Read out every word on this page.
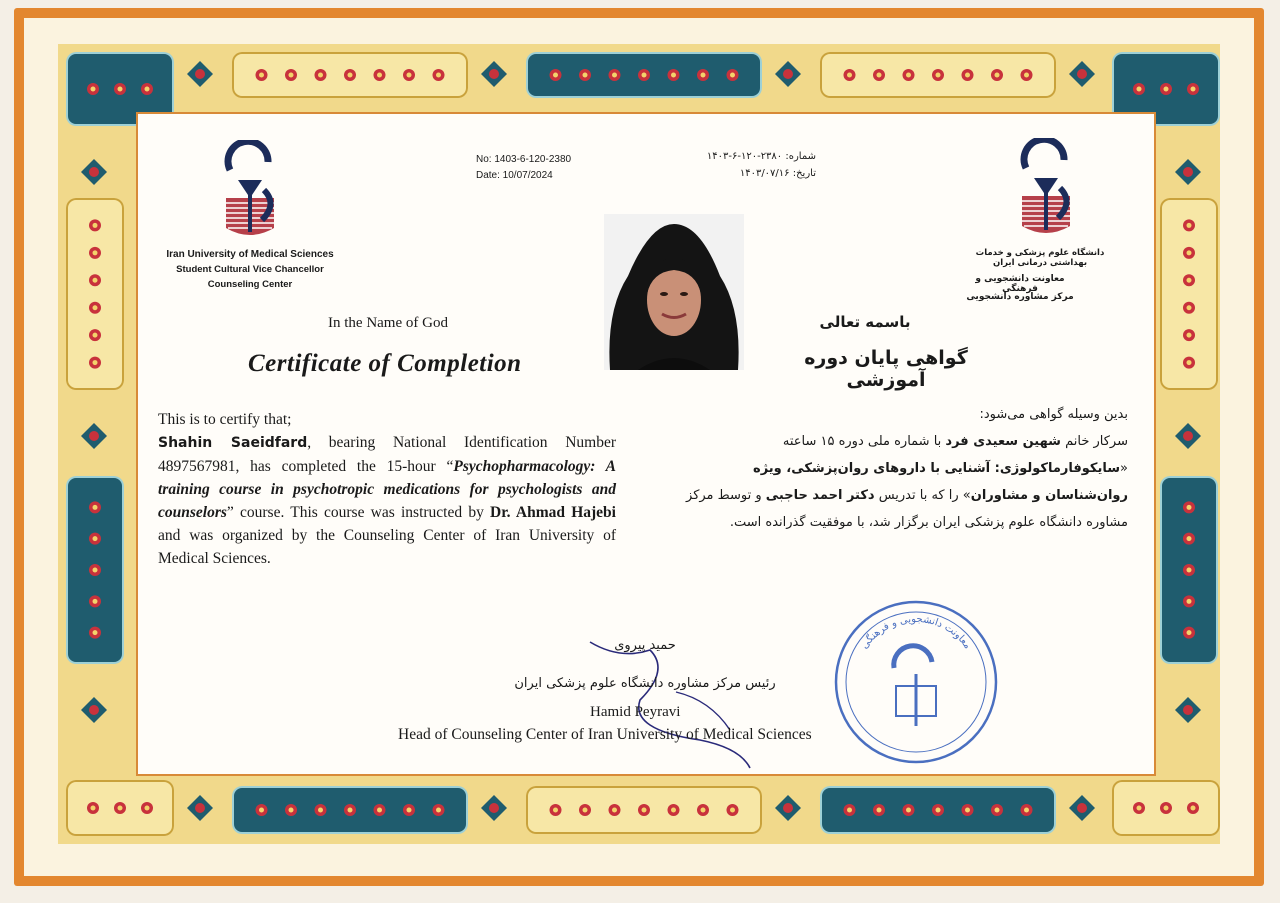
Iran University of Medical Sciences
Student Cultural Vice Chancellor
Counseling Center
دانشگاه علوم پزشکی و خدمات بهداشتی درمانی ایران
معاونت دانشجویی و فرهنگی
مرکز مشاوره دانشجویی
No: 1403-6-120-2380
Date: 10/07/2024
شماره: ۲۳۸۰-۱۲۰-۶-۱۴۰۳
تاریخ: ۱۴۰۳/۰۷/۱۶
In the Name of God	باسمه تعالی
Certificate of Completion	گواهی پایان دوره آموزشی
This is to certify that;
Shahin Saeidfard, bearing National Identification Number 4897567981, has completed the 15-hour “Psychopharmacology: A training course in psychotropic medications for psychologists and counselors” course. This course was instructed by Dr. Ahmad Hajebi and was organized by the Counseling Center of Iran University of Medical Sciences.
بدین وسیله گواهی می‌شود:
سرکار خانم شهین سعیدی فرد با شماره ملی دوره ۱۵ ساعته «سایکوفارماکولوژی: آشنایی با داروهای روان‌پزشکی، ویژه روان‌شناسان و مشاوران» را که با تدریس دکتر احمد حاجبی و توسط مرکز مشاوره دانشگاه علوم پزشکی ایران برگزار شد، با موفقیت گذرانده است.
معاونت دانشجویی و فرهنگی
حمید پیروی
رئیس مرکز مشاوره دانشگاه علوم پزشکی ایران
Hamid Peyravi
Head of Counseling Center of Iran University of Medical Sciences
